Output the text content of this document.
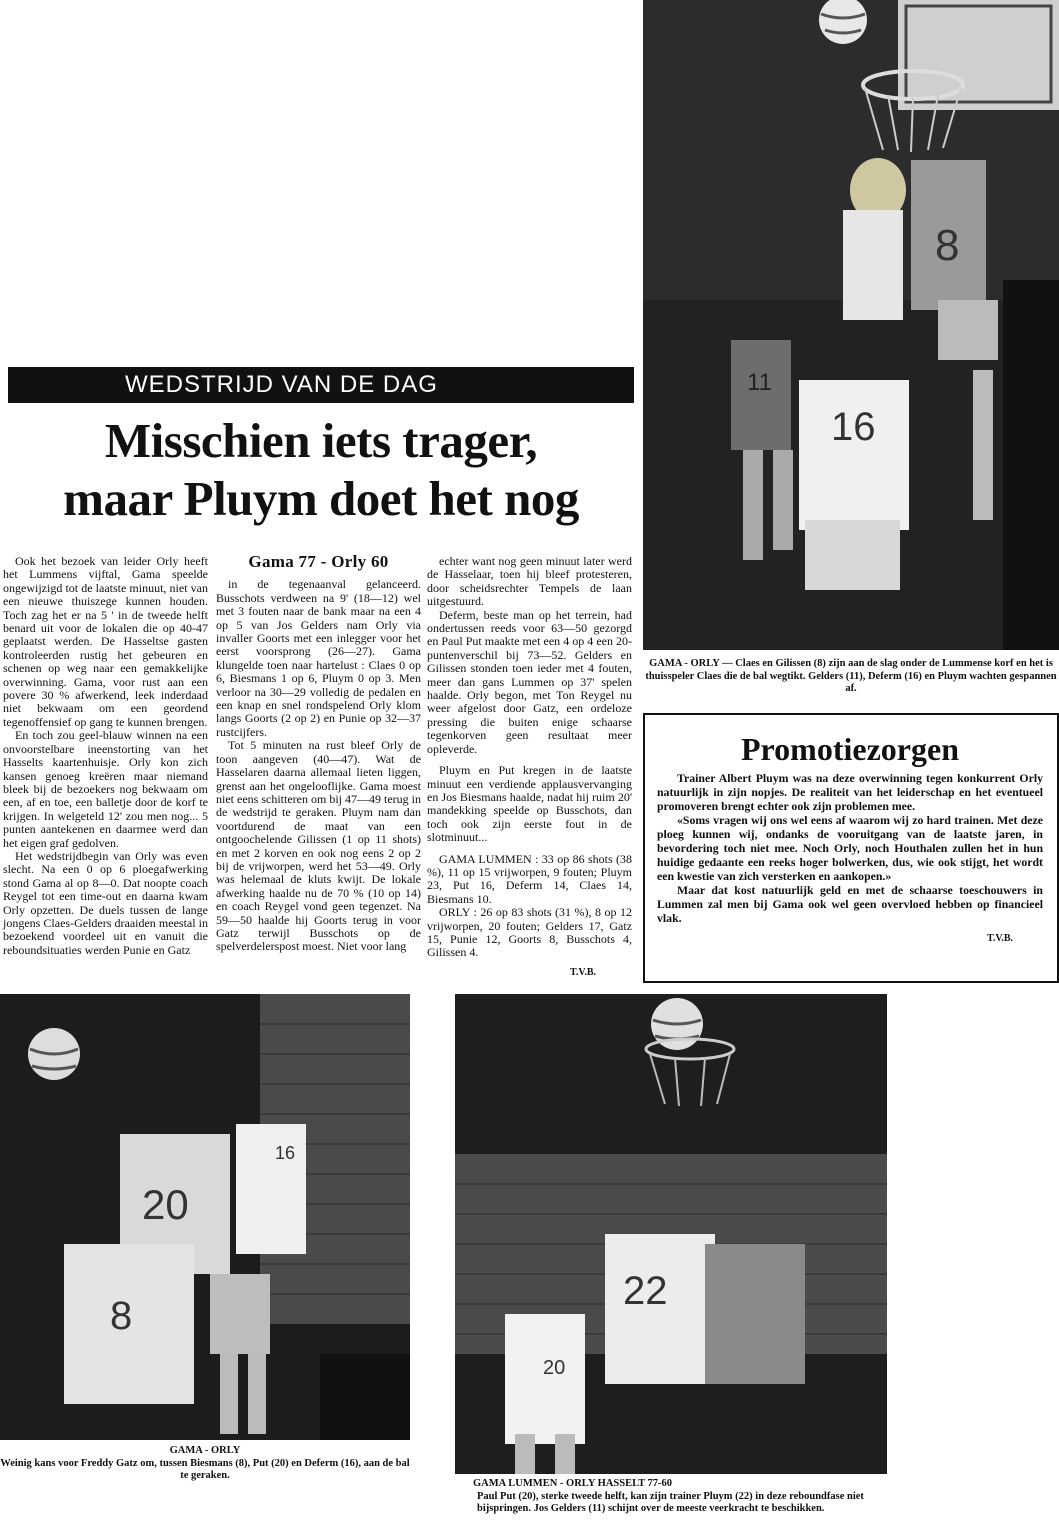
8
11
16
WEDSTRIJD VAN DE DAG
Misschien iets trager,
maar Pluym doet het nog

Ook het bezoek van leider Orly heeft het Lummens vijftal, Gama speelde ongewijzigd tot de laatste minuut, niet van een nieuwe thuiszege kunnen houden. Toch zag het er na 5 ' in de tweede helft benard uit voor de lokalen die op 40-47 geplaatst werden. De Hasseltse gasten kontroleerden rustig het gebeuren en schenen op weg naar een gemakkelijke overwinning. Gama, voor rust aan een povere 30 % afwerkend, leek inderdaad niet bekwaam om een geordend tegenoffensief op gang te kunnen brengen.

En toch zou geel-blauw winnen na een onvoorstelbare ineenstorting van het Hasselts kaartenhuisje. Orly kon zich kansen genoeg kreëren maar niemand bleek bij de bezoekers nog bekwaam om een, af en toe, een balletje door de korf te krijgen. In welgeteld 12' zou men nog... 5 punten aantekenen en daarmee werd dan het eigen graf gedolven.

Het wedstrijdbegin van Orly was even slecht. Na een 0 op 6 ploegafwerking stond Gama al op 8—0. Dat noopte coach Reygel tot een time-out en daarna kwam Orly opzetten. De duels tussen de lange jongens Claes-Gelders draaiden meestal in bezoekend voordeel uit en vanuit die reboundsituaties werden Punie en Gatz

Gama 77 - Orly 60

in de tegenaanval gelanceerd. Busschots verdween na 9' (18—12) wel met 3 fouten naar de bank maar na een 4 op 5 van Jos Gelders nam Orly via invaller Goorts met een inlegger voor het eerst voorsprong (26—27). Gama klungelde toen naar hartelust : Claes 0 op 6, Biesmans 1 op 6, Pluym 0 op 3. Men verloor na 30—29 volledig de pedalen en een knap en snel rondspelend Orly klom langs Goorts (2 op 2) en Punie op 32—37 rustcijfers.

Tot 5 minuten na rust bleef Orly de toon aangeven (40—47). Wat de Hasselaren daarna allemaal lieten liggen, grenst aan het ongelooflijke. Gama moest niet eens schitteren om bij 47—49 terug in de wedstrijd te geraken. Pluym nam dan voortdurend de maat van een ontgoochelende Gilissen (1 op 11 shots) en met 2 korven en ook nog eens 2 op 2 bij de vrijworpen, werd het 53—49. Orly was helemaal de kluts kwijt. De lokale afwerking haalde nu de 70 % (10 op 14) en coach Reygel vond geen tegenzet. Na 59—50 haalde hij Goorts terug in voor Gatz terwijl Busschots op de spelverdelerspost moest. Niet voor lang

echter want nog geen minuut later werd de Hasselaar, toen hij bleef protesteren, door scheidsrechter Tempels de laan uitgestuurd.

Deferm, beste man op het terrein, had ondertussen reeds voor 63—50 gezorgd en Paul Put maakte met een 4 op 4 een 20-puntenverschil bij 73—52. Gelders en Gilissen stonden toen ieder met 4 fouten, meer dan gans Lummen op 37' spelen haalde. Orly begon, met Ton Reygel nu weer afgelost door Gatz, een ordeloze pressing die buiten enige schaarse tegenkorven geen resultaat meer opleverde.

Pluym en Put kregen in de laatste minuut een verdiende applausvervanging en Jos Biesmans haalde, nadat hij ruim 20' mandekking speelde op Busschots, dan toch ook zijn eerste fout in de slotminuut...

GAMA LUMMEN : 33 op 86 shots (38 %), 11 op 15 vrijworpen, 9 fouten; Pluym 23, Put 16, Deferm 14, Claes 14, Biesmans 10.

ORLY : 26 op 83 shots (31 %), 8 op 12 vrijworpen, 20 fouten; Gelders 17, Gatz 15, Punie 12, Goorts 8, Busschots 4, Gilissen 4.

T.V.B.

GAMA - ORLY — Claes en Gilissen (8) zijn aan de slag onder de Lummense korf en het is thuisspeler Claes die de bal wegtikt. Gelders (11), Deferm (16) en Pluym wachten gespannen af.
Promotiezorgen

Trainer Albert Pluym was na deze overwinning tegen konkurrent Orly natuurlijk in zijn nopjes. De realiteit van het leiderschap en het eventueel promoveren brengt echter ook zijn problemen mee.

«Soms vragen wij ons wel eens af waarom wij zo hard trainen. Met deze ploeg kunnen wij, ondanks de vooruitgang van de laatste jaren, in bevordering toch niet mee. Noch Orly, noch Houthalen zullen het in hun huidige gedaante een reeks hoger bolwerken, dus, wie ook stijgt, het wordt een kwestie van zich versterken en aankopen.»

Maar dat kost natuurlijk geld en met de schaarse toeschouwers in Lummen zal men bij Gama ook wel geen overvloed hebben op financieel vlak.

T.V.B.
20
16
8
GAMA - ORLY
Weinig kans voor Freddy Gatz om, tussen Biesmans (8), Put (20) en Deferm (16), aan de bal te geraken.
22
20
GAMA LUMMEN - ORLY HASSELT 77-60
Paul Put (20), sterke tweede helft, kan zijn trainer Pluym (22) in deze reboundfase niet bijspringen. Jos Gelders (11) schijnt over de meeste veerkracht te beschikken.
